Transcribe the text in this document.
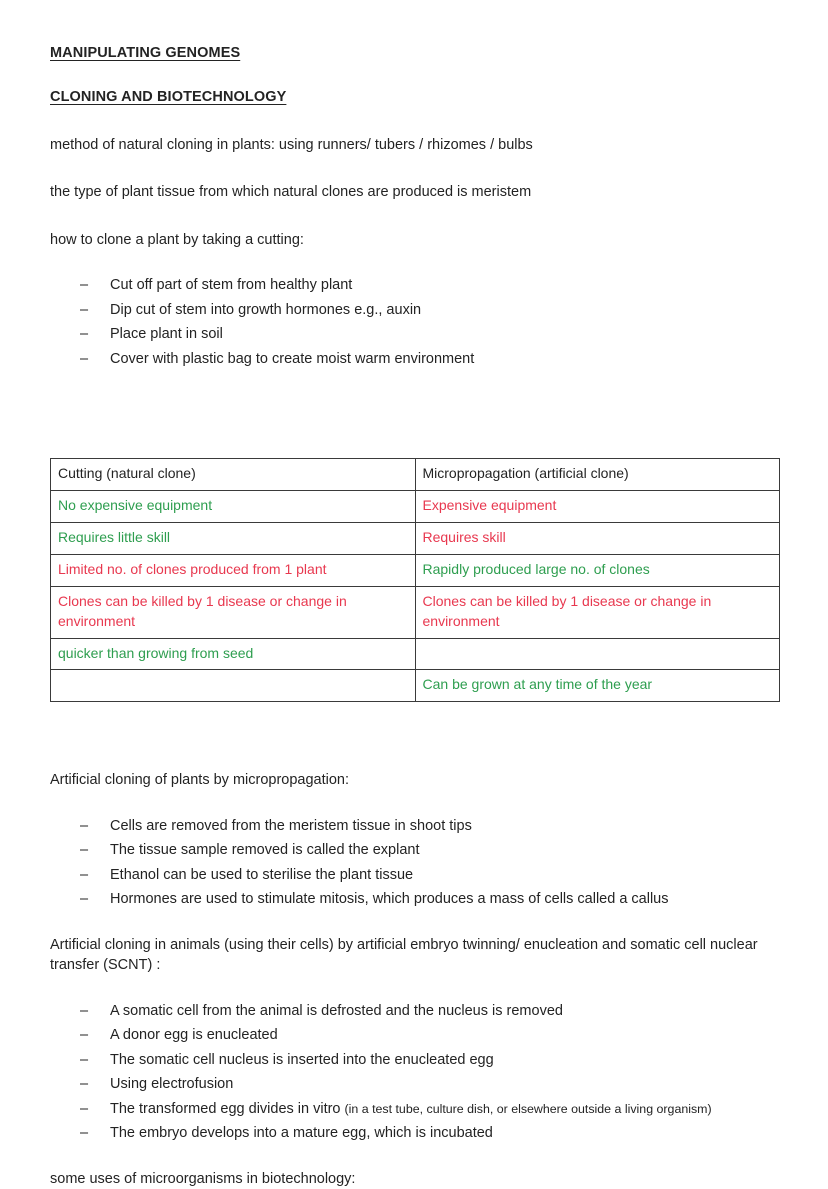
MANIPULATING GENOMES
CLONING AND BIOTECHNOLOGY

method of natural cloning in plants: using runners/ tubers / rhizomes / bulbs

the type of plant tissue from which natural clones are produced is meristem

how to clone a plant by taking a cutting:

– Cut off part of stem from healthy plant
– Dip cut of stem into growth hormones e.g., auxin
– Place plant in soil
– Cover with plastic bag to create moist warm environment
Cutting (natural clone)	Micropropagation (artificial clone)
No expensive equipment	Expensive equipment
Requires little skill	Requires skill
Limited no. of clones produced from 1 plant	Rapidly produced large no. of clones
Clones can be killed by 1 disease or change in environment	Clones can be killed by 1 disease or change in environment
quicker than growing from seed	
	Can be grown at any time of the year

Artificial cloning of plants by micropropagation:

– Cells are removed from the meristem tissue in shoot tips
– The tissue sample removed is called the explant
– Ethanol can be used to sterilise the plant tissue
– Hormones are used to stimulate mitosis, which produces a mass of cells called a callus

Artificial cloning in animals (using their cells) by artificial embryo twinning/ enucleation and somatic cell nuclear transfer (SCNT) :

– A somatic cell from the animal is defrosted and the nucleus is removed
– A donor egg is enucleated
– The somatic cell nucleus is inserted into the enucleated egg
– Using electrofusion
– The transformed egg divides in vitro (in a test tube, culture dish, or elsewhere outside a living organism)
– The embryo develops into a mature egg, which is incubated

some uses of microorganisms in biotechnology:
